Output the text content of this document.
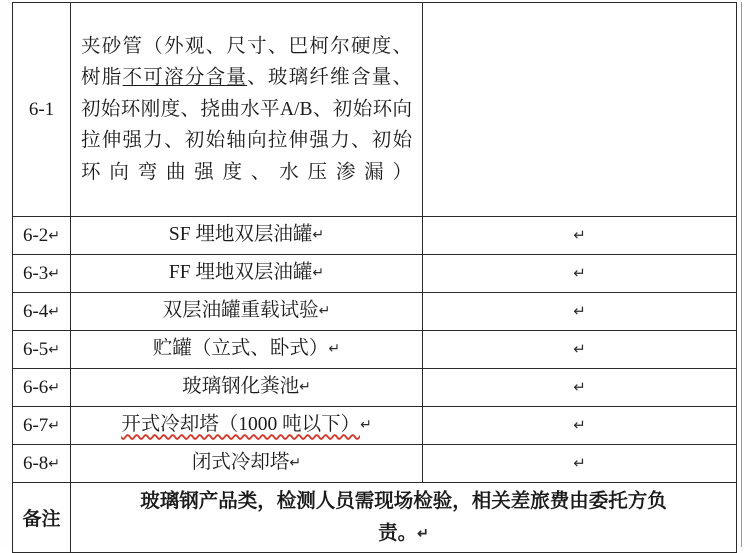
6-1	夹砂管（外观、尺寸、巴柯尔硬度、树脂不可溶分含量、玻璃纤维含量、初始环刚度、挠曲水平A/B、初始环向拉伸强力、初始轴向拉伸强力、初始环向弯曲强度、水压渗漏）	
6-2↵	SF 埋地双层油罐↵	↵
6-3↵	FF 埋地双层油罐↵	↵
6-4↵	双层油罐重载试验↵	↵
6-5↵	贮罐（立式、卧式）↵	↵
6-6↵	玻璃钢化粪池↵	↵
6-7↵	开式冷却塔（1000 吨以下）↵	↵
6-8↵	闭式冷却塔↵	↵
备注	玻璃钢产品类，检测人员需现场检验，相关差旅费由委托方负
责。↵	
